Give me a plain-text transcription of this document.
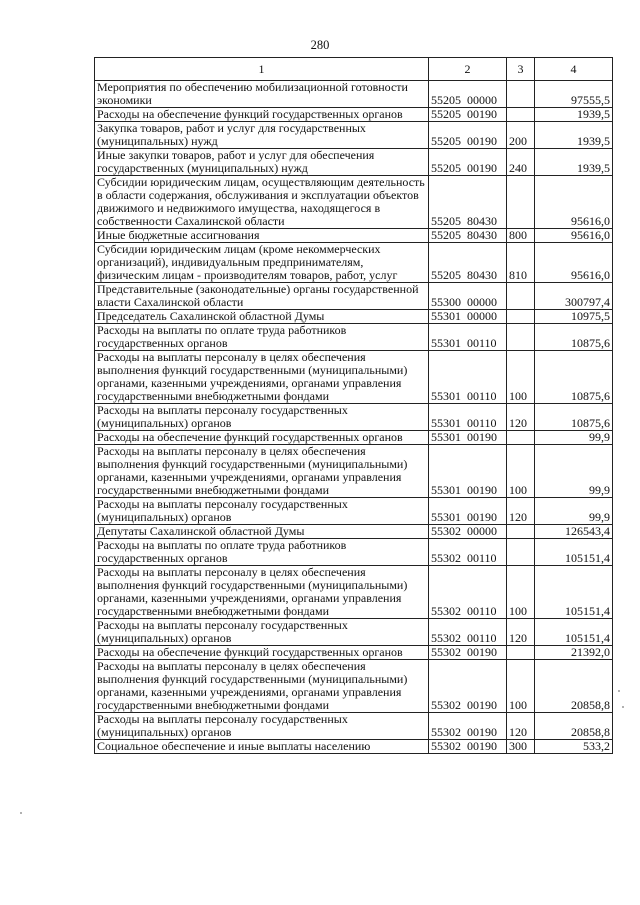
280
1	2	3	4
Мероприятия по обеспечению мобилизационной готовности экономики	55205  00000		97555,5
Расходы на обеспечение функций государственных органов	55205  00190		1939,5
Закупка товаров, работ и услуг для государственных (муниципальных) нужд	55205  00190	200	1939,5
Иные закупки товаров, работ и услуг для обеспечения государственных (муниципальных) нужд	55205  00190	240	1939,5
Субсидии юридическим лицам, осуществляющим деятельность в области содержания, обслуживания и эксплуатации объектов движимого и недвижимого имущества, находящегося в собственности Сахалинской области	55205  80430		95616,0
Иные бюджетные ассигнования	55205  80430	800	95616,0
Субсидии юридическим лицам (кроме некоммерческих организаций), индивидуальным предпринимателям, физическим лицам - производителям товаров, работ, услуг	55205  80430	810	95616,0
Представительные (законодательные) органы государственной власти Сахалинской области	55300  00000		300797,4
Председатель Сахалинской областной Думы	55301  00000		10975,5
Расходы на выплаты по оплате труда работников государственных органов	55301  00110		10875,6
Расходы на выплаты персоналу в целях обеспечения выполнения функций государственными (муниципальными) органами, казенными учреждениями, органами управления государственными внебюджетными фондами	55301  00110	100	10875,6
Расходы на выплаты персоналу государственных (муниципальных) органов	55301  00110	120	10875,6
Расходы на обеспечение функций государственных органов	55301  00190		99,9
Расходы на выплаты персоналу в целях обеспечения выполнения функций государственными (муниципальными) органами, казенными учреждениями, органами управления государственными внебюджетными фондами	55301  00190	100	99,9
Расходы на выплаты персоналу государственных (муниципальных) органов	55301  00190	120	99,9
Депутаты Сахалинской областной Думы	55302  00000		126543,4
Расходы на выплаты по оплате труда работников государственных органов	55302  00110		105151,4
Расходы на выплаты персоналу в целях обеспечения выполнения функций государственными (муниципальными) органами, казенными учреждениями, органами управления государственными внебюджетными фондами	55302  00110	100	105151,4
Расходы на выплаты персоналу государственных (муниципальных) органов	55302  00110	120	105151,4
Расходы на обеспечение функций государственных органов	55302  00190		21392,0
Расходы на выплаты персоналу в целях обеспечения выполнения функций государственными (муниципальными) органами, казенными учреждениями, органами управления государственными внебюджетными фондами	55302  00190	100	20858,8
Расходы на выплаты персоналу государственных (муниципальных) органов	55302  00190	120	20858,8
Социальное обеспечение и иные выплаты населению	55302  00190	300	533,2
